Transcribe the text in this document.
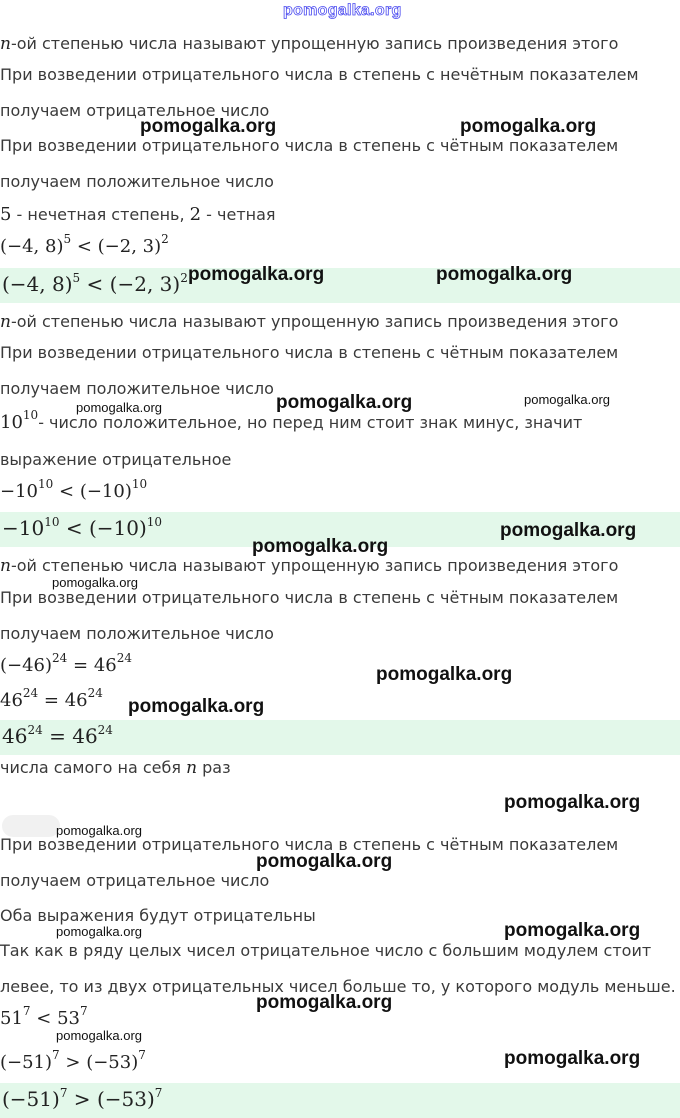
pomogalka.org
n-ой степенью числа называют упрощенную запись произведения этого
При возведении отрицательного числа в степень с нечётным показателем
получаем отрицательное число
При возведении отрицательного числа в степень с чётным показателем
получаем положительное число
5 - нечетная степень, 2 - четная
(−4, 8)$^5$ < (−2, 3)$^2$
(−4, 8)$^5$ < (−2, 3)$^2$
n-ой степенью числа называют упрощенную запись произведения этого
При возведении отрицательного числа в степень с чётным показателем
получаем положительное число
$10^{10}-$ число положительное, но перед ним стоит знак минус, значит
выражение отрицательное
$-10^{10} < (-10)^{10}$
$-10^{10} < (-10)^{10}$
n-ой степенью числа называют упрощенную запись произведения этого
При возведении отрицательного числа в степень с чётным показателем
получаем положительное число
$(-46)^{24} = 46^{24}$
$46^{24} = 46^{24}$
$46^{24} = 46^{24}$
числа самого на себя n раз
При возведении отрицательного числа в степень с чётным показателем
получаем отрицательное число
Оба выражения будут отрицательны
Так как в ряду целых чисел отрицательное число с большим модулем стоит
левее, то из двух отрицательных чисел больше то, у которого модуль меньше.
$51^7 < 53^7$
$(-51)^7 > (-53)^7$
$(-51)^7 > (-53)^7$
pomogalka.org	pomogalka.org
pomogalka.org	pomogalka.org
pomogalka.org	pomogalka.org	pomogalka.org
pomogalka.org
pomogalka.org
pomogalka.org
pomogalka.org
pomogalka.org
pomogalka.org
pomogalka.org
pomogalka.org
pomogalka.org
pomogalka.org
pomogalka.org
pomogalka.org
pomogalka.org
